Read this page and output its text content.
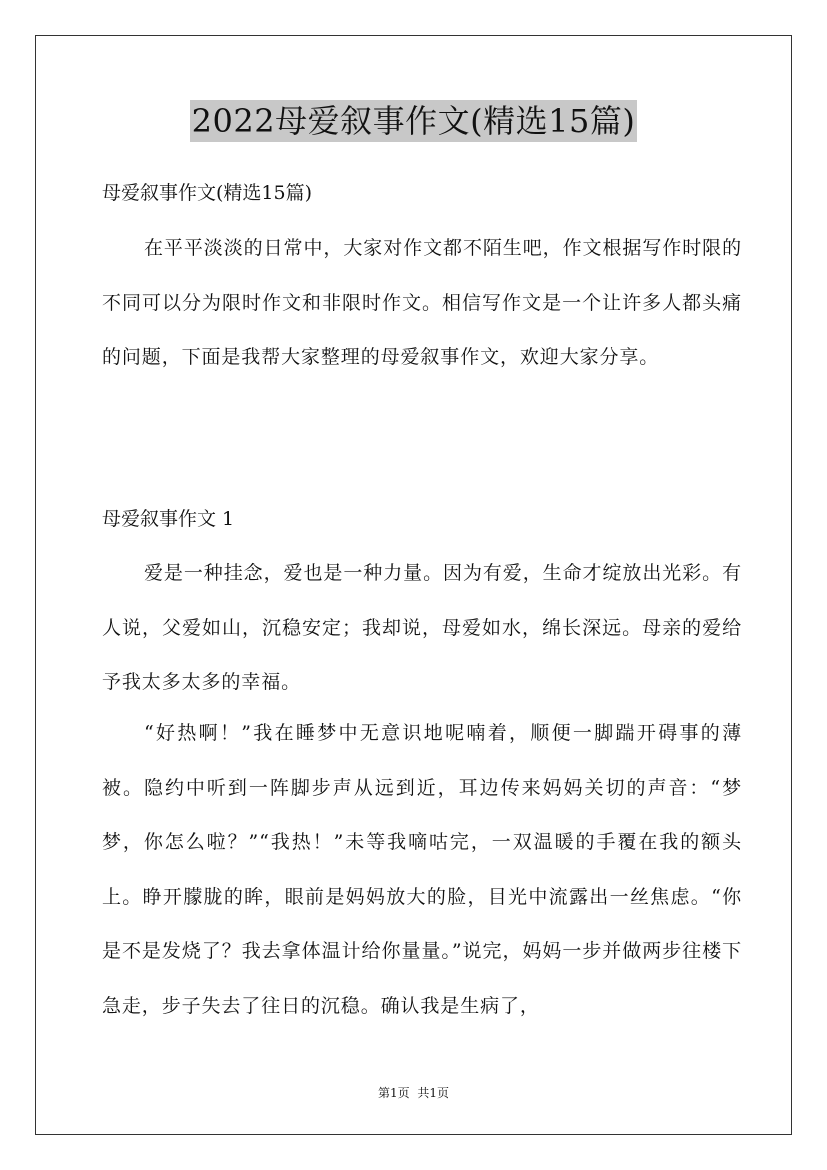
2022母爱叙事作文(精选15篇)
母爱叙事作文(精选15篇)

在平平淡淡的日常中，大家对作文都不陌生吧，作文根据写作时限的不同可以分为限时作文和非限时作文。相信写作文是一个让许多人都头痛的问题，下面是我帮大家整理的母爱叙事作文，欢迎大家分享。

母爱叙事作文 1

爱是一种挂念，爱也是一种力量。因为有爱，生命才绽放出光彩。有人说，父爱如山，沉稳安定；我却说，母爱如水，绵长深远。母亲的爱给予我太多太多的幸福。

“好热啊！”我在睡梦中无意识地呢喃着，顺便一脚踹开碍事的薄被。隐约中听到一阵脚步声从远到近，耳边传来妈妈关切的声音：“梦梦，你怎么啦？”“我热！”未等我嘀咕完，一双温暖的手覆在我的额头上。睁开朦胧的眸，眼前是妈妈放大的脸，目光中流露出一丝焦虑。“你是不是发烧了？我去拿体温计给你量量。”说完，妈妈一步并做两步往楼下急走，步子失去了往日的沉稳。确认我是生病了，

第1页 共1页
